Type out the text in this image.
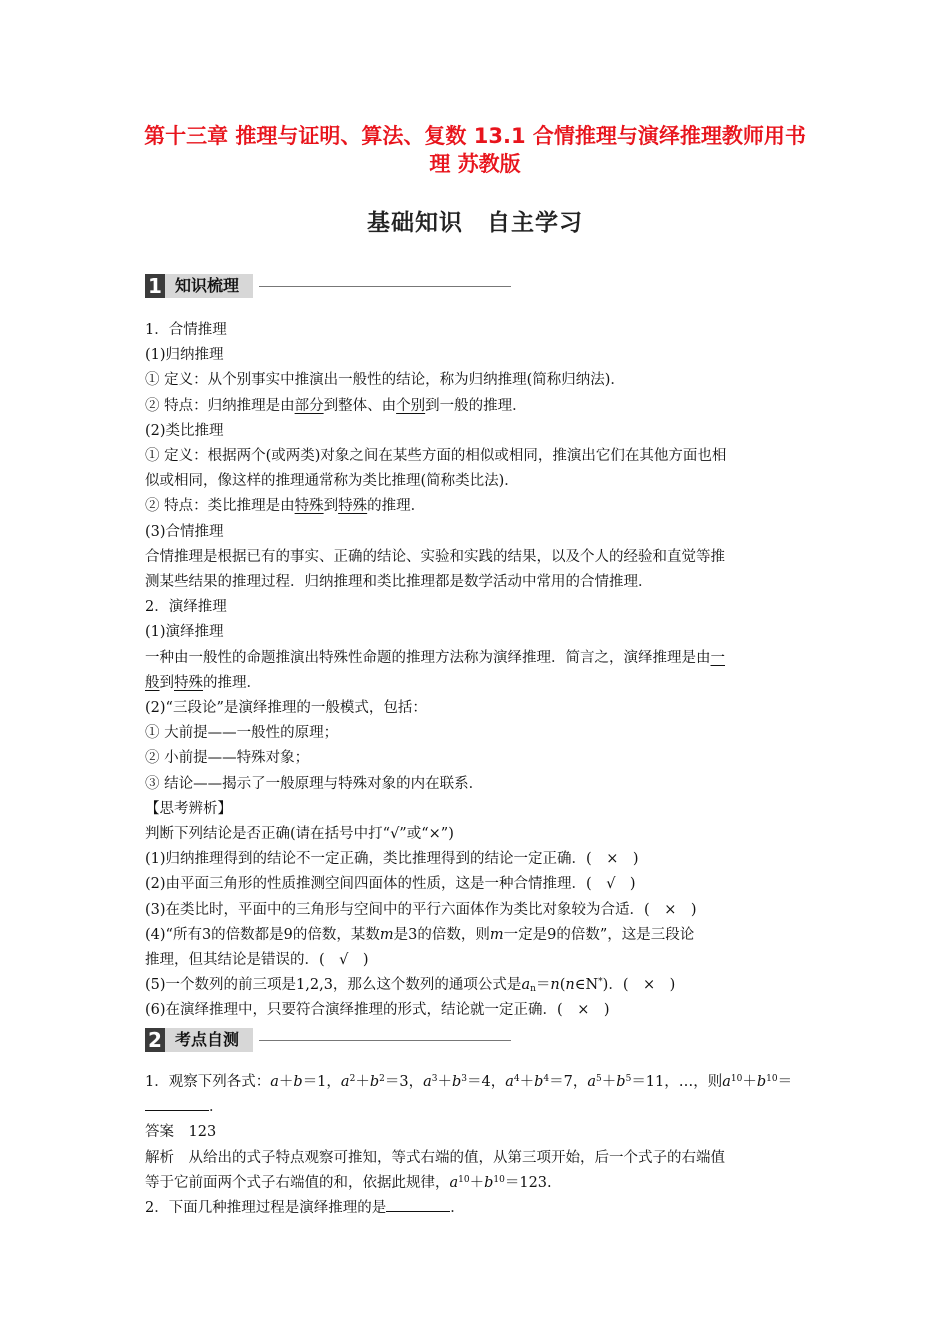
第十三章 推理与证明、算法、复数 13.1 合情推理与演绎推理教师用书 理 苏教版
基础知识　自主学习
1 知识梳理

1．合情推理

(1)归纳推理

① 定义：从个别事实中推演出一般性的结论，称为归纳推理(简称归纳法)．

② 特点：归纳推理是由部分到整体、由个别到一般的推理．

(2)类比推理

① 定义：根据两个(或两类)对象之间在某些方面的相似或相同，推演出它们在其他方面也相

似或相同，像这样的推理通常称为类比推理(简称类比法)．

② 特点：类比推理是由特殊到特殊的推理．

(3)合情推理

合情推理是根据已有的事实、正确的结论、实验和实践的结果，以及个人的经验和直觉等推

测某些结果的推理过程．归纳推理和类比推理都是数学活动中常用的合情推理．

2．演绎推理

(1)演绎推理

一种由一般性的命题推演出特殊性命题的推理方法称为演绎推理．简言之，演绎推理是由一

般到特殊的推理．

(2)“三段论”是演绎推理的一般模式，包括：

① 大前提——一般性的原理；

② 小前提——特殊对象；

③ 结论——揭示了一般原理与特殊对象的内在联系．

【思考辨析】

判断下列结论是否正确(请在括号中打“√”或“×”)

(1)归纳推理得到的结论不一定正确，类比推理得到的结论一定正确．(　×　)

(2)由平面三角形的性质推测空间四面体的性质，这是一种合情推理．(　√　)

(3)在类比时，平面中的三角形与空间中的平行六面体作为类比对象较为合适．(　×　)

(4)“所有3的倍数都是9的倍数，某数m是3的倍数，则m一定是9的倍数”，这是三段论

推理，但其结论是错误的．(　√　)

(5)一个数列的前三项是1,2,3，那么这个数列的通项公式是$a_n=n(n\in N^*)$．(　×　)

(6)在演绎推理中，只要符合演绎推理的形式，结论就一定正确．(　×　)

2 考点自测

1．观察下列各式：a＋b＝1，$a^2+b^2=3$，$a^3+b^3=4$，$a^4+b^4=7$，$a^5+b^5=11$，…，则$a^{10}+b^{10}=$

．

答案　123

解析　从给出的式子特点观察可推知，等式右端的值，从第三项开始，后一个式子的右端值

等于它前面两个式子右端值的和，依据此规律，$a^{10}+b^{10}=123$.

2．下面几种推理过程是演绎推理的是	．
